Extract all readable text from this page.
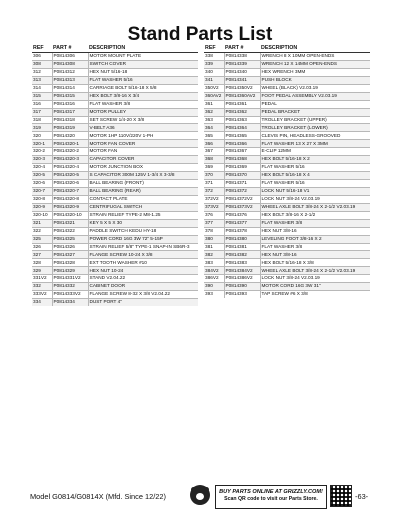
Stand Parts List
REF	PART #	DESCRIPTION
306	P0814306	MOTOR MOUNT PLATE
308	P0814308	SWITCH COVER
312	P0814312	HEX NUT 5/16-18
313	P0814313	FLAT WASHER 5/16
314	P0814314	CARRIAGE BOLT 5/16-18 X 5/8
315	P0814315	HEX BOLT 3/8-16 X 3/4
316	P0814316	FLAT WASHER 3/8
317	P0814317	MOTOR PULLEY
318	P0814318	SET SCREW 1/4-20 X 3/8
319	P0814319	V-BELT A36
320	P0814320	MOTOR 1HP 110V/220V 1-PH
320-1	P0814320-1	MOTOR FAN COVER
320-2	P0814320-2	MOTOR FAN
320-3	P0814320-3	CAPACITOR COVER
320-4	P0814320-4	MOTOR JUNCTION BOX
320-5	P0814320-5	S CAPACITOR 300M 125V 1-3/4 X 3-3/8
320-6	P0814320-6	BALL BEARING (FRONT)
320-7	P0814320-7	BALL BEARING (REAR)
320-8	P0814320-8	CONTACT PLATE
320-9	P0814320-9	CENTRIFUGAL SWITCH
320-10	P0814320-10	STRAIN RELIEF TYPE-2 M8-1.25
321	P0814321	KEY 5 X 5 X 30
322	P0814322	PADDLE SWITCH KEDU HY-18
325	P0814325	POWER CORD 16G 3W 72" 5-15P
326	P0814326	STRAIN RELIEF 5/8" TYPE-1 SNAP-IN SB6R-3
327	P0814327	FLANGE SCREW 10-24 X 3/8
328	P0814328	EXT TOOTH WASHER #10
329	P0814329	HEX NUT 10-24
331V2	P0814331V2	STAND V2.04.22
332	P0814332	CABINET DOOR
333V2	P0814333V2	FLANGE SCREW 8-32 X 3/8 V2.04.22
334	P0814334	DUST PORT 4"
REF	PART #	DESCRIPTION
338	P0814338	WRENCH 8 X 10MM OPEN-ENDS
339	P0814339	WRENCH 12 X 14MM OPEN-ENDS
340	P0814340	HEX WRENCH 3MM
341	P0814341	PUSH BLOCK
350V2	P0814350V2	WHEEL (BLACK) V2.03.19
360AV2	P0814360AV2	FOOT PEDAL ASSEMBLY V2.03.19
361	P0814361	PEDAL
362	P0814362	PEDAL BRACKET
363	P0814363	TROLLEY BRACKET (UPPER)
364	P0814364	TROLLEY BRACKET (LOWER)
365	P0814365	CLEVIS PIN, HEADLESS-GROOVED
366	P0814366	FLAT WASHER 13 X 27 X 3MM
367	P0814367	E-CLIP 12MM
368	P0814368	HEX BOLT 5/16-18 X 2
369	P0814369	FLAT WASHER 5/16
370	P0814370	HEX BOLT 5/16-18 X 4
371	P0814371	FLAT WASHER 5/16
372	P0814372	LOCK NUT 5/16-18 V1
372V2	P0814372V2	LOCK NUT 3/8-24 V2.03.19
373V2	P0814373V2	WHEEL AXLE BOLT 3/8-24 X 2-1/2 V2.03.19
376	P0814376	HEX BOLT 3/8-16 X 2-1/2
377	P0814377	FLAT WASHER 3/8
378	P0814378	HEX NUT 3/8-16
380	P0814380	LEVELING FOOT 3/8-16 X 2
381	P0814381	FLAT WASHER 3/8
382	P0814382	HEX NUT 3/8-16
383	P0814383	HEX BOLT 5/16-18 X 3/8
384V2	P0814384V2	WHEEL AXLE BOLT 3/8-24 X 2-1/2 V2.03.19
386V2	P0814386V2	LOCK NUT 3/8-24 V2.03.19
390	P0814390	MOTOR CORD 16G 3W 31"
393	P0814393	TAP SCREW #6 X 3/8
Model G0814/G0814X (Mfd. Since 12/22)	BUY PARTS ONLINE AT GRIZZLY.COM!
Scan QR code to visit our Parts Store.	-63-
